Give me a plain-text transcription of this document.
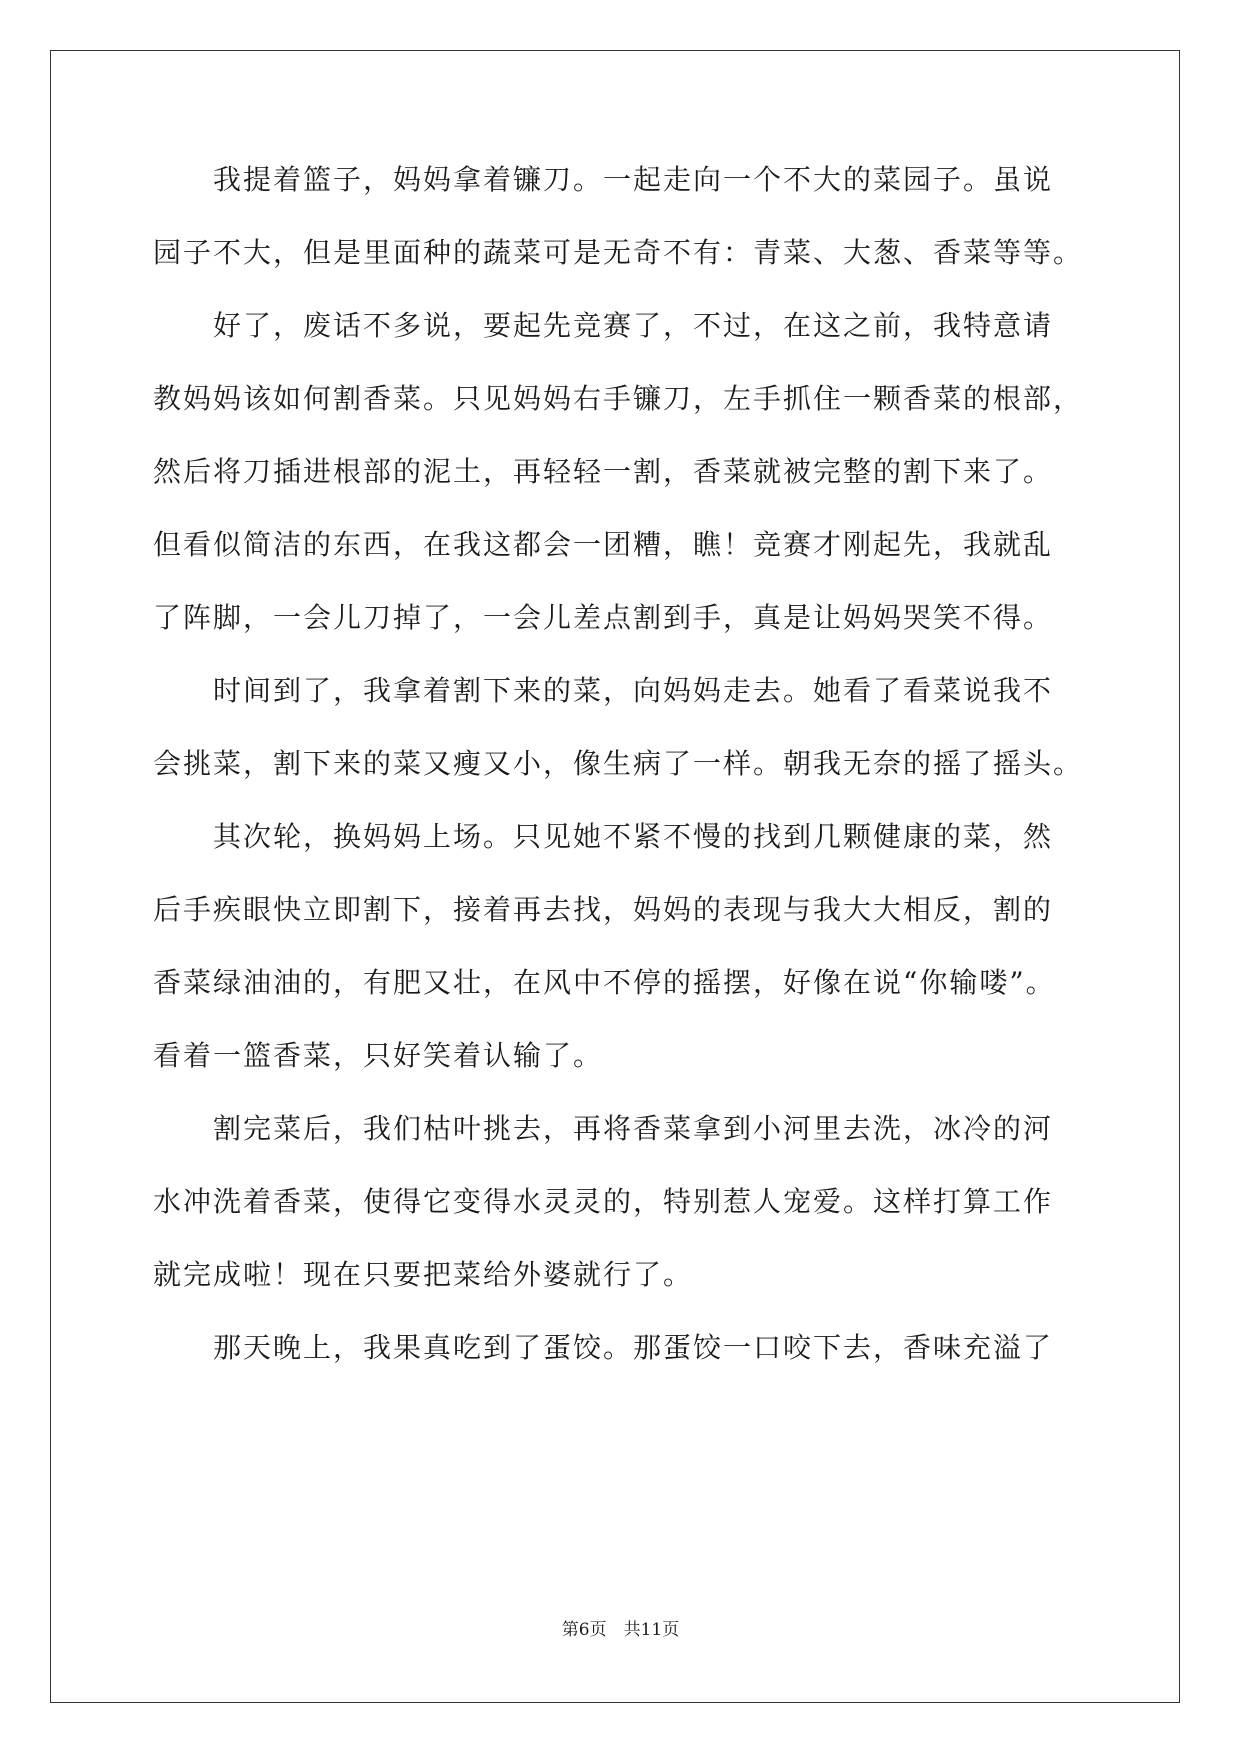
　　我提着篮子，妈妈拿着镰刀。一起走向一个不大的菜园子。虽说
园子不大，但是里面种的蔬菜可是无奇不有：青菜、大葱、香菜等等。
　　好了，废话不多说，要起先竞赛了，不过，在这之前，我特意请
教妈妈该如何割香菜。只见妈妈右手镰刀，左手抓住一颗香菜的根部，
然后将刀插进根部的泥土，再轻轻一割，香菜就被完整的割下来了。
但看似简洁的东西，在我这都会一团糟，瞧！竞赛才刚起先，我就乱
了阵脚，一会儿刀掉了，一会儿差点割到手，真是让妈妈哭笑不得。
　　时间到了，我拿着割下来的菜，向妈妈走去。她看了看菜说我不
会挑菜，割下来的菜又瘦又小，像生病了一样。朝我无奈的摇了摇头。
　　其次轮，换妈妈上场。只见她不紧不慢的找到几颗健康的菜，然
后手疾眼快立即割下，接着再去找，妈妈的表现与我大大相反，割的
香菜绿油油的，有肥又壮，在风中不停的摇摆，好像在说“你输喽”。
看着一篮香菜，只好笑着认输了。
　　割完菜后，我们枯叶挑去，再将香菜拿到小河里去洗，冰冷的河
水冲洗着香菜，使得它变得水灵灵的，特别惹人宠爱。这样打算工作
就完成啦！现在只要把菜给外婆就行了。
　　那天晚上，我果真吃到了蛋饺。那蛋饺一口咬下去，香味充溢了
第6页　共11页
